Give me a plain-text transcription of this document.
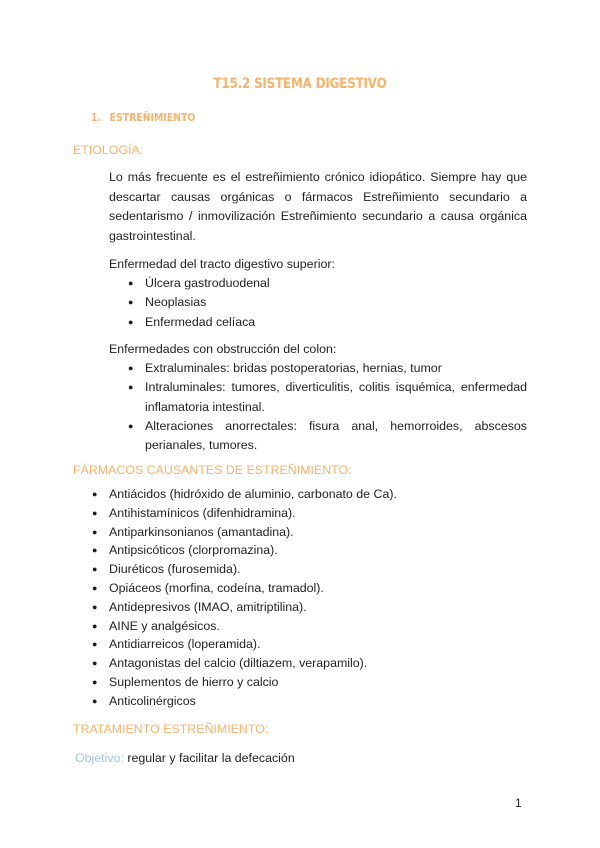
T15.2 SISTEMA DIGESTIVO
1. ESTREÑIMIENTO
ETIOLOGÍA:

Lo más frecuente es el estreñimiento crónico idiopático. Siempre hay que descartar causas orgánicas o fármacos Estreñimiento secundario a sedentarismo / inmovilización Estreñimiento secundario a causa orgánica gastrointestinal.

Enfermedad del tracto digestivo superior:
● Úlcera gastroduodenal
● Neoplasias
● Enfermedad celíaca
Enfermedades con obstrucción del colon:
● Extraluminales: bridas postoperatorias, hernias, tumor
● Intraluminales: tumores, diverticulitis, colitis isquémica, enfermedad inflamatoria intestinal.
● Alteraciones anorrectales: fisura anal, hemorroides, abscesos perianales, tumores.
FÁRMACOS CAUSANTES DE ESTREÑIMIENTO:
● Antiácidos (hidróxido de aluminio, carbonato de Ca).
● Antihistamínicos (difenhidramina).
● Antiparkinsonianos (amantadina).
● Antipsicóticos (clorpromazina).
● Diuréticos (furosemida).
● Opiáceos (morfina, codeína, tramadol).
● Antidepresivos (IMAO, amitriptilina).
● AINE y analgésicos.
● Antidiarreicos (loperamida).
● Antagonistas del calcio (diltiazem, verapamilo).
● Suplementos de hierro y calcio
● Anticolinérgicos
TRATAMIENTO ESTREÑIMIENTO:
Objetivo: regular y facilitar la defecación
1
